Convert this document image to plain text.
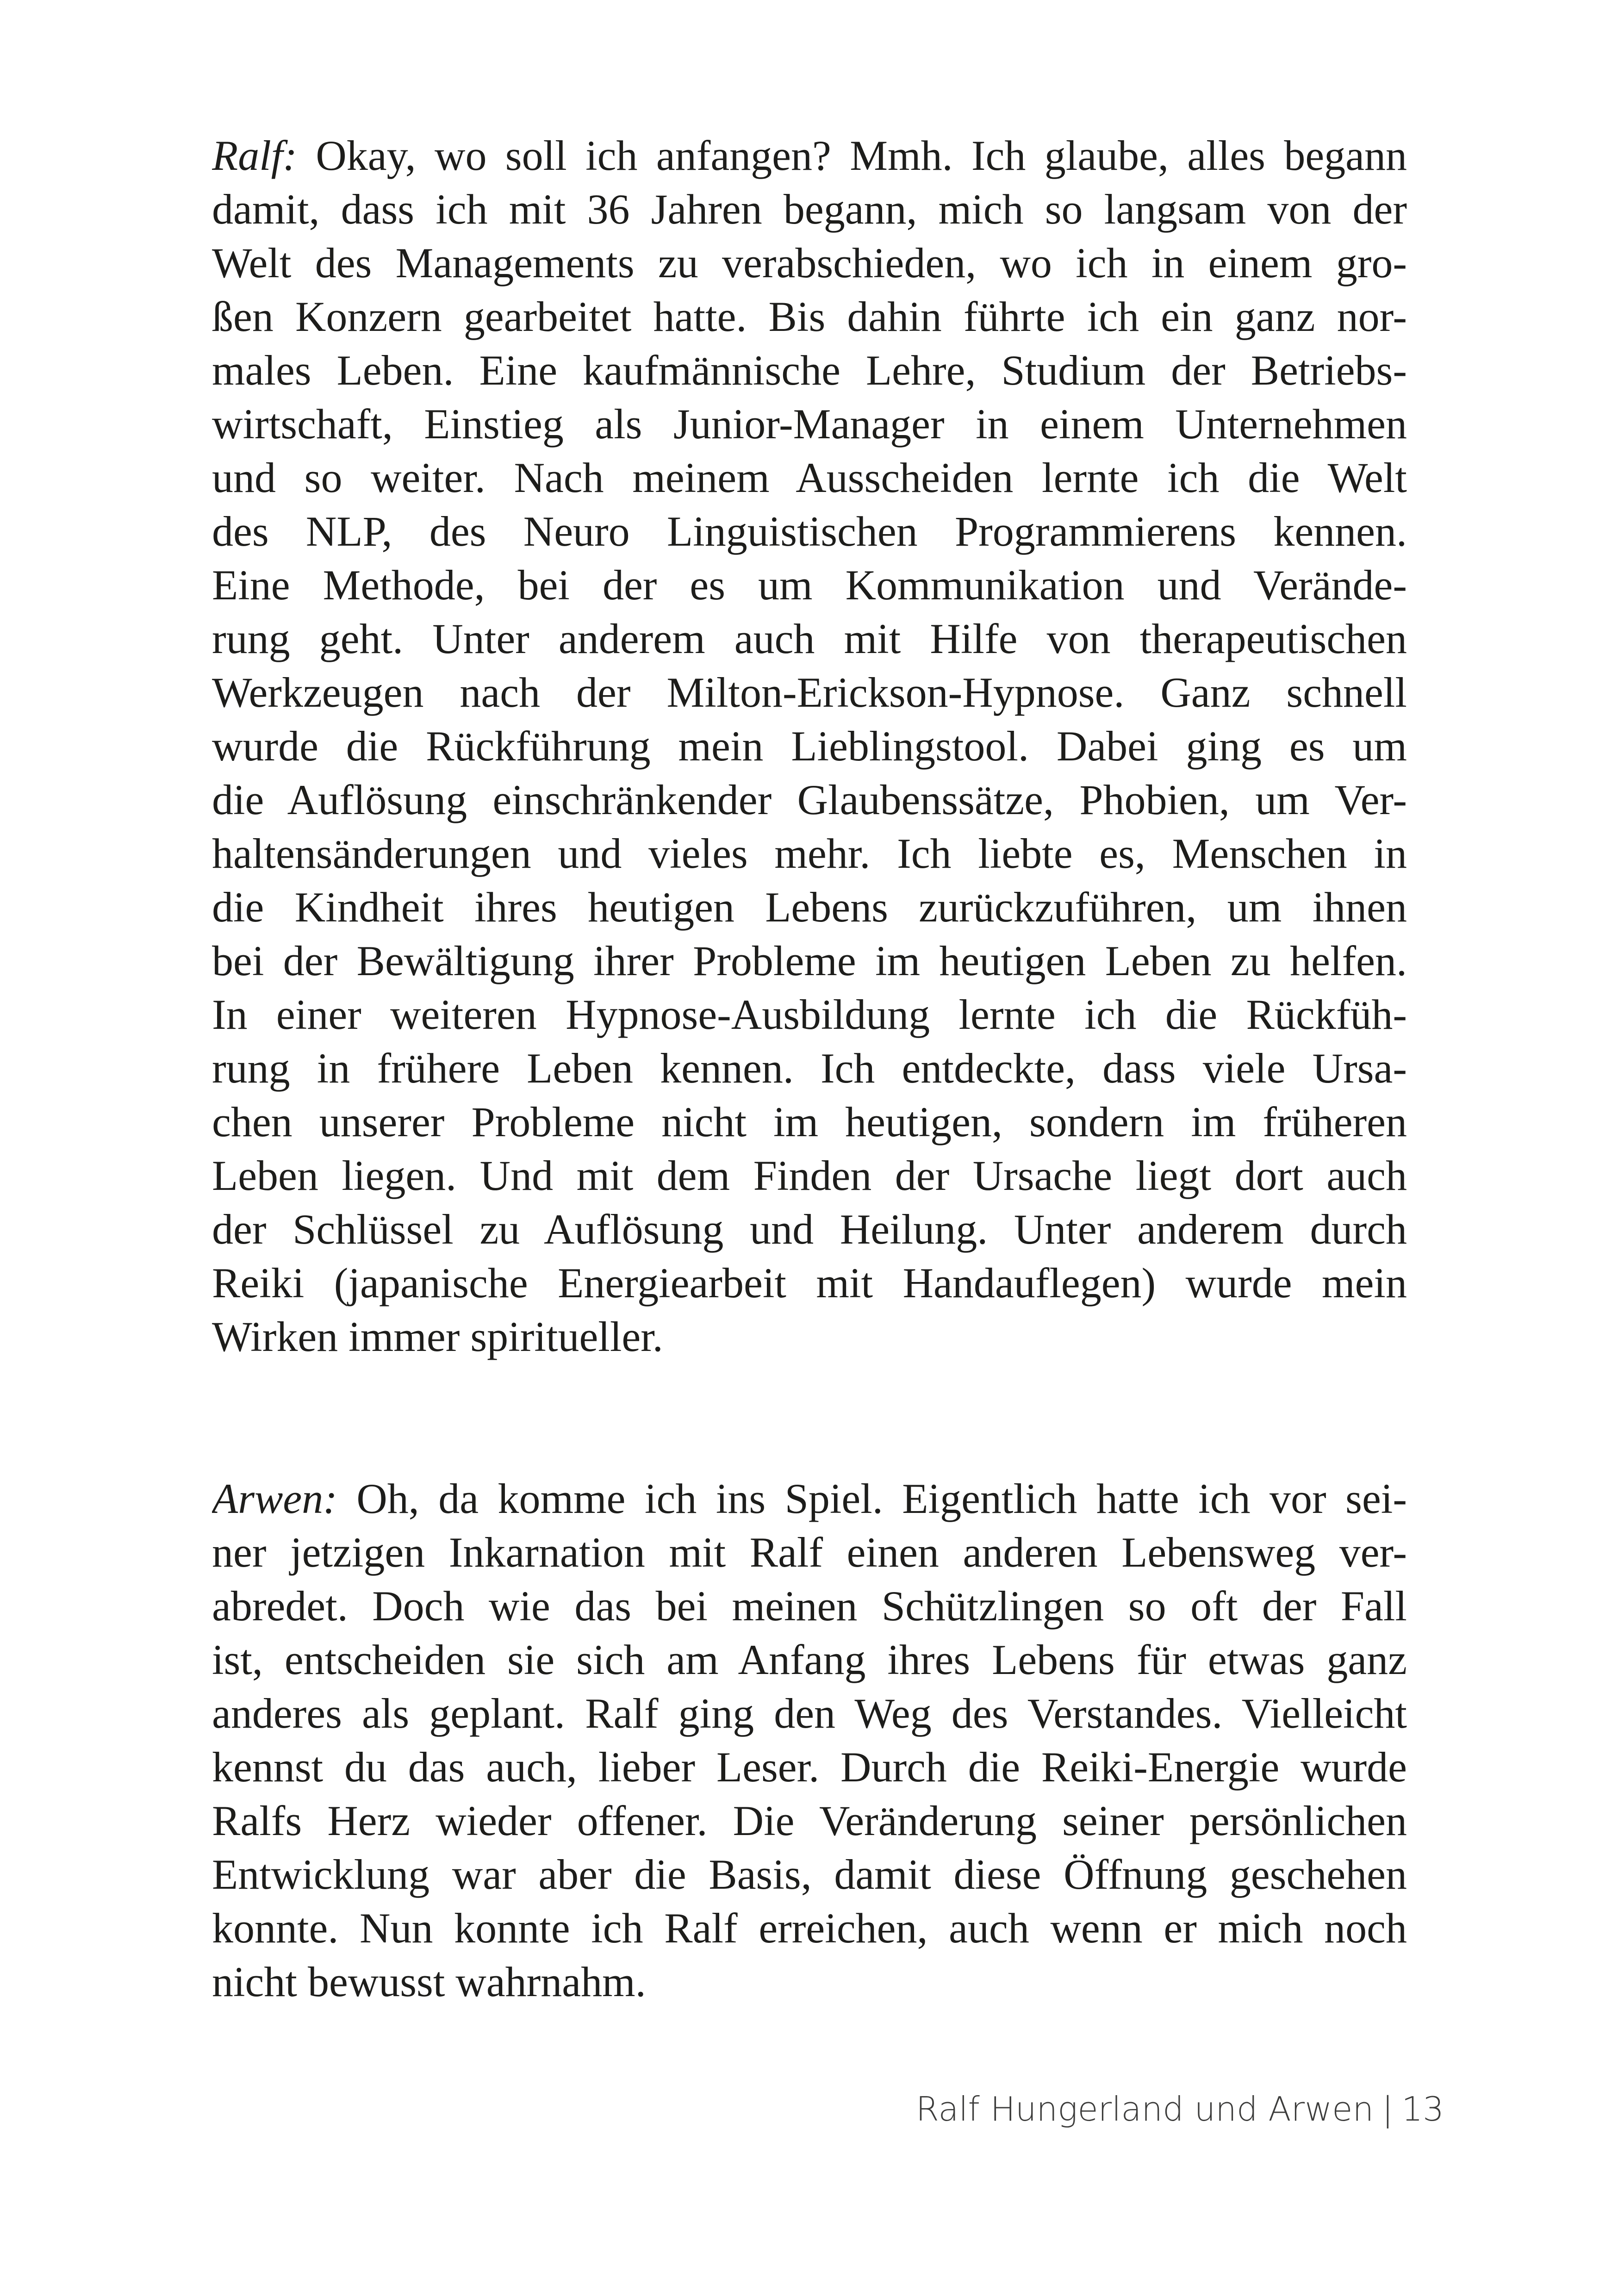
Ralf: Okay, wo soll ich anfangen? Mmh. Ich glaube, alles begann
damit, dass ich mit 36 Jahren begann, mich so langsam von der
Welt des Managements zu verabschieden, wo ich in einem gro-
ßen Konzern gearbeitet hatte. Bis dahin führte ich ein ganz nor-
males Leben. Eine kaufmännische Lehre, Studium der Betriebs-
wirtschaft, Einstieg als Junior-Manager in einem Unternehmen
und so weiter. Nach meinem Ausscheiden lernte ich die Welt
des NLP, des Neuro Linguistischen Programmierens kennen.
Eine Methode, bei der es um Kommunikation und Verände-
rung geht. Unter anderem auch mit Hilfe von therapeutischen
Werkzeugen nach der Milton-Erickson-Hypnose. Ganz schnell
wurde die Rückführung mein Lieblingstool. Dabei ging es um
die Auflösung einschränkender Glaubenssätze, Phobien, um Ver-
haltensänderungen und vieles mehr. Ich liebte es, Menschen in
die Kindheit ihres heutigen Lebens zurückzuführen, um ihnen
bei der Bewältigung ihrer Probleme im heutigen Leben zu helfen.
In einer weiteren Hypnose-Ausbildung lernte ich die Rückfüh-
rung in frühere Leben kennen. Ich entdeckte, dass viele Ursa-
chen unserer Probleme nicht im heutigen, sondern im früheren
Leben liegen. Und mit dem Finden der Ursache liegt dort auch
der Schlüssel zu Auflösung und Heilung. Unter anderem durch
Reiki (japanische Energiearbeit mit Handauflegen) wurde mein
Wirken immer spiritueller.
Arwen: Oh, da komme ich ins Spiel. Eigentlich hatte ich vor sei-
ner jetzigen Inkarnation mit Ralf einen anderen Lebensweg ver-
abredet. Doch wie das bei meinen Schützlingen so oft der Fall
ist, entscheiden sie sich am Anfang ihres Lebens für etwas ganz
anderes als geplant. Ralf ging den Weg des Verstandes. Vielleicht
kennst du das auch, lieber Leser. Durch die Reiki-Energie wurde
Ralfs Herz wieder offener. Die Veränderung seiner persönlichen
Entwicklung war aber die Basis, damit diese Öffnung geschehen
konnte. Nun konnte ich Ralf erreichen, auch wenn er mich noch
nicht bewusst wahrnahm.
Ralf Hungerland und Arwen | 13
